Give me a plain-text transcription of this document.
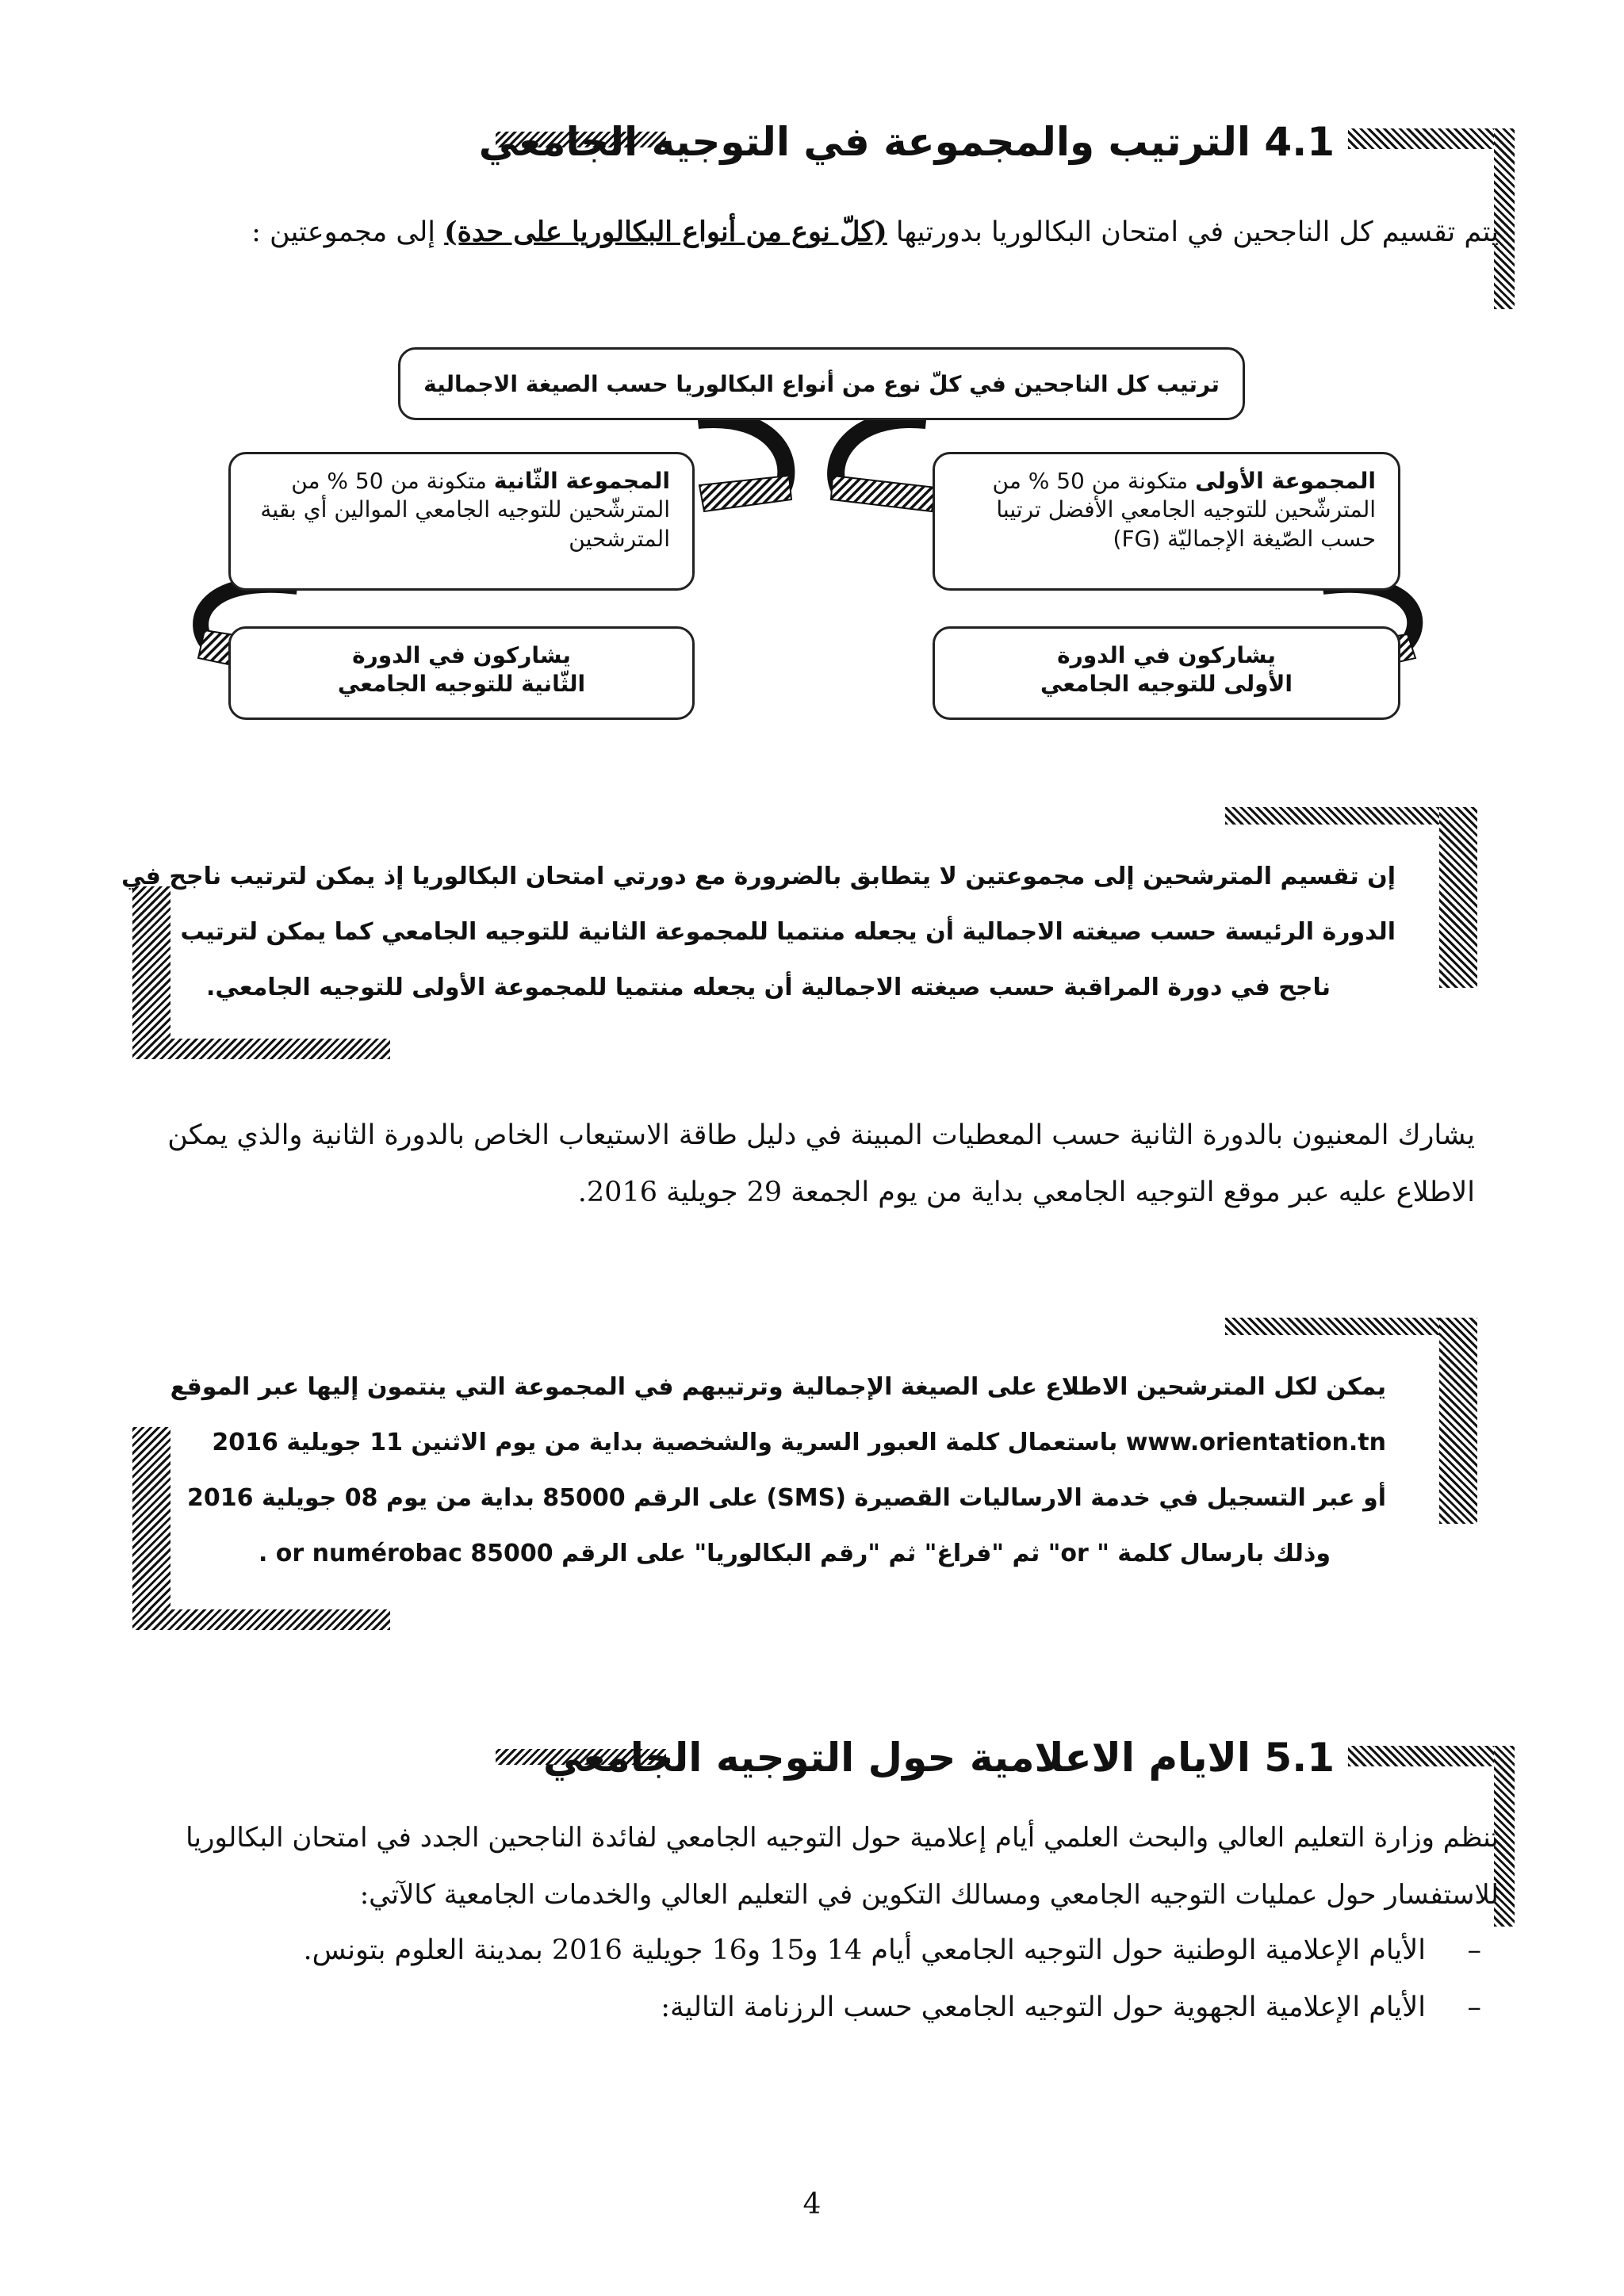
4.1 الترتيب والمجموعة في التوجيه الجامعي
يتم تقسيم كل الناجحين في امتحان البكالوريا بدورتيها (كلّ نوع من أنواع البكالوريا على حدة) إلى مجموعتين :
ترتيب كل الناجحين في كلّ نوع من أنواع البكالوريا حسب الصيغة الاجمالية
المجموعة الأولى متكونة من 50 % من المترشّحين للتوجيه الجامعي الأفضل ترتيبا حسب الصّيغة الإجماليّة (FG)
المجموعة الثّانية متكونة من 50 % من المترشّحين للتوجيه الجامعي الموالين أي بقية المترشحين
يشاركون في الدورة
الأولى للتوجيه الجامعي
يشاركون في الدورة
الثّانية للتوجيه الجامعي
إن تقسيم المترشحين إلى مجموعتين لا يتطابق بالضرورة مع دورتي امتحان البكالوريا إذ يمكن لترتيب ناجح في
الدورة الرئيسة حسب صيغته الاجمالية أن يجعله منتميا للمجموعة الثانية للتوجيه الجامعي كما يمكن لترتيب
ناجح في دورة المراقبة حسب صيغته الاجمالية أن يجعله منتميا للمجموعة الأولى للتوجيه الجامعي.
يشارك المعنيون بالدورة الثانية حسب المعطيات المبينة في دليل طاقة الاستيعاب الخاص بالدورة الثانية والذي يمكن
الاطلاع عليه عبر موقع التوجيه الجامعي بداية من يوم الجمعة 29 جويلية 2016.
يمكن لكل المترشحين الاطلاع على الصيغة الإجمالية وترتيبهم في المجموعة التي ينتمون إليها عبر الموقع
www.orientation.tn باستعمال كلمة العبور السرية والشخصية بداية من يوم الاثنين 11 جويلية 2016
أو عبر التسجيل في خدمة الارساليات القصيرة (SMS) على الرقم 85000 بداية من يوم 08 جويلية 2016
وذلك بارسال كلمة " or" ثم "فراغ" ثم "رقم البكالوريا" على الرقم 85000 or numérobac .
5.1 الايام الاعلامية حول التوجيه الجامعي
تنظم وزارة التعليم العالي والبحث العلمي أيام إعلامية حول التوجيه الجامعي لفائدة الناجحين الجدد في امتحان البكالوريا
للاستفسار حول عمليات التوجيه الجامعي ومسالك التكوين في التعليم العالي والخدمات الجامعية كالآتي:
–
الأيام الإعلامية الوطنية حول التوجيه الجامعي أيام 14 و15 و16 جويلية 2016 بمدينة العلوم بتونس.
–
الأيام الإعلامية الجهوية حول التوجيه الجامعي حسب الرزنامة التالية:
4
